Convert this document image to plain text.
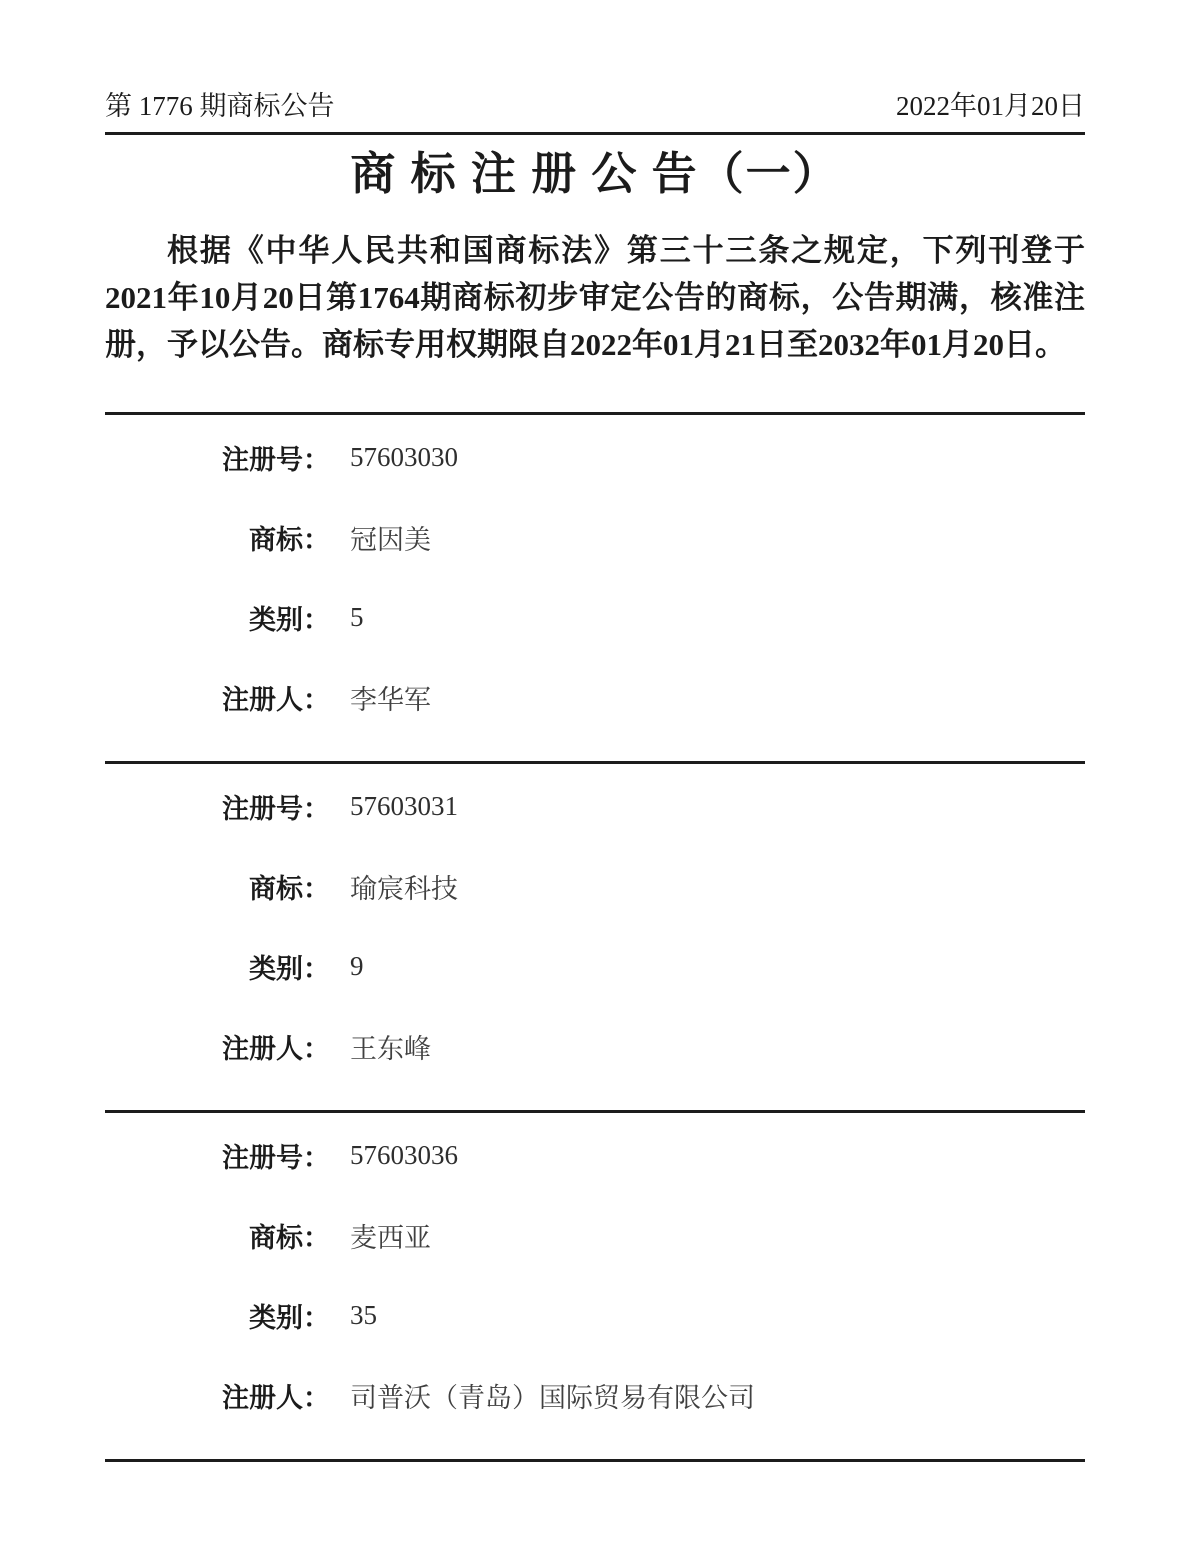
第 1776 期商标公告	2022年01月20日
商 标 注 册 公 告（一）

根据《中华人民共和国商标法》第三十三条之规定，下列刊登于2021年10月20日第1764期商标初步审定公告的商标，公告期满，核准注册，予以公告。商标专用权期限自2022年01月21日至2032年01月20日。

注册号： 57603030
商标： 冠因美
类别： 5
注册人： 李华军
注册号： 57603031
商标： 瑜宸科技
类别： 9
注册人： 王东峰
注册号： 57603036
商标： 麦西亚
类别： 35
注册人： 司普沃（青岛）国际贸易有限公司
